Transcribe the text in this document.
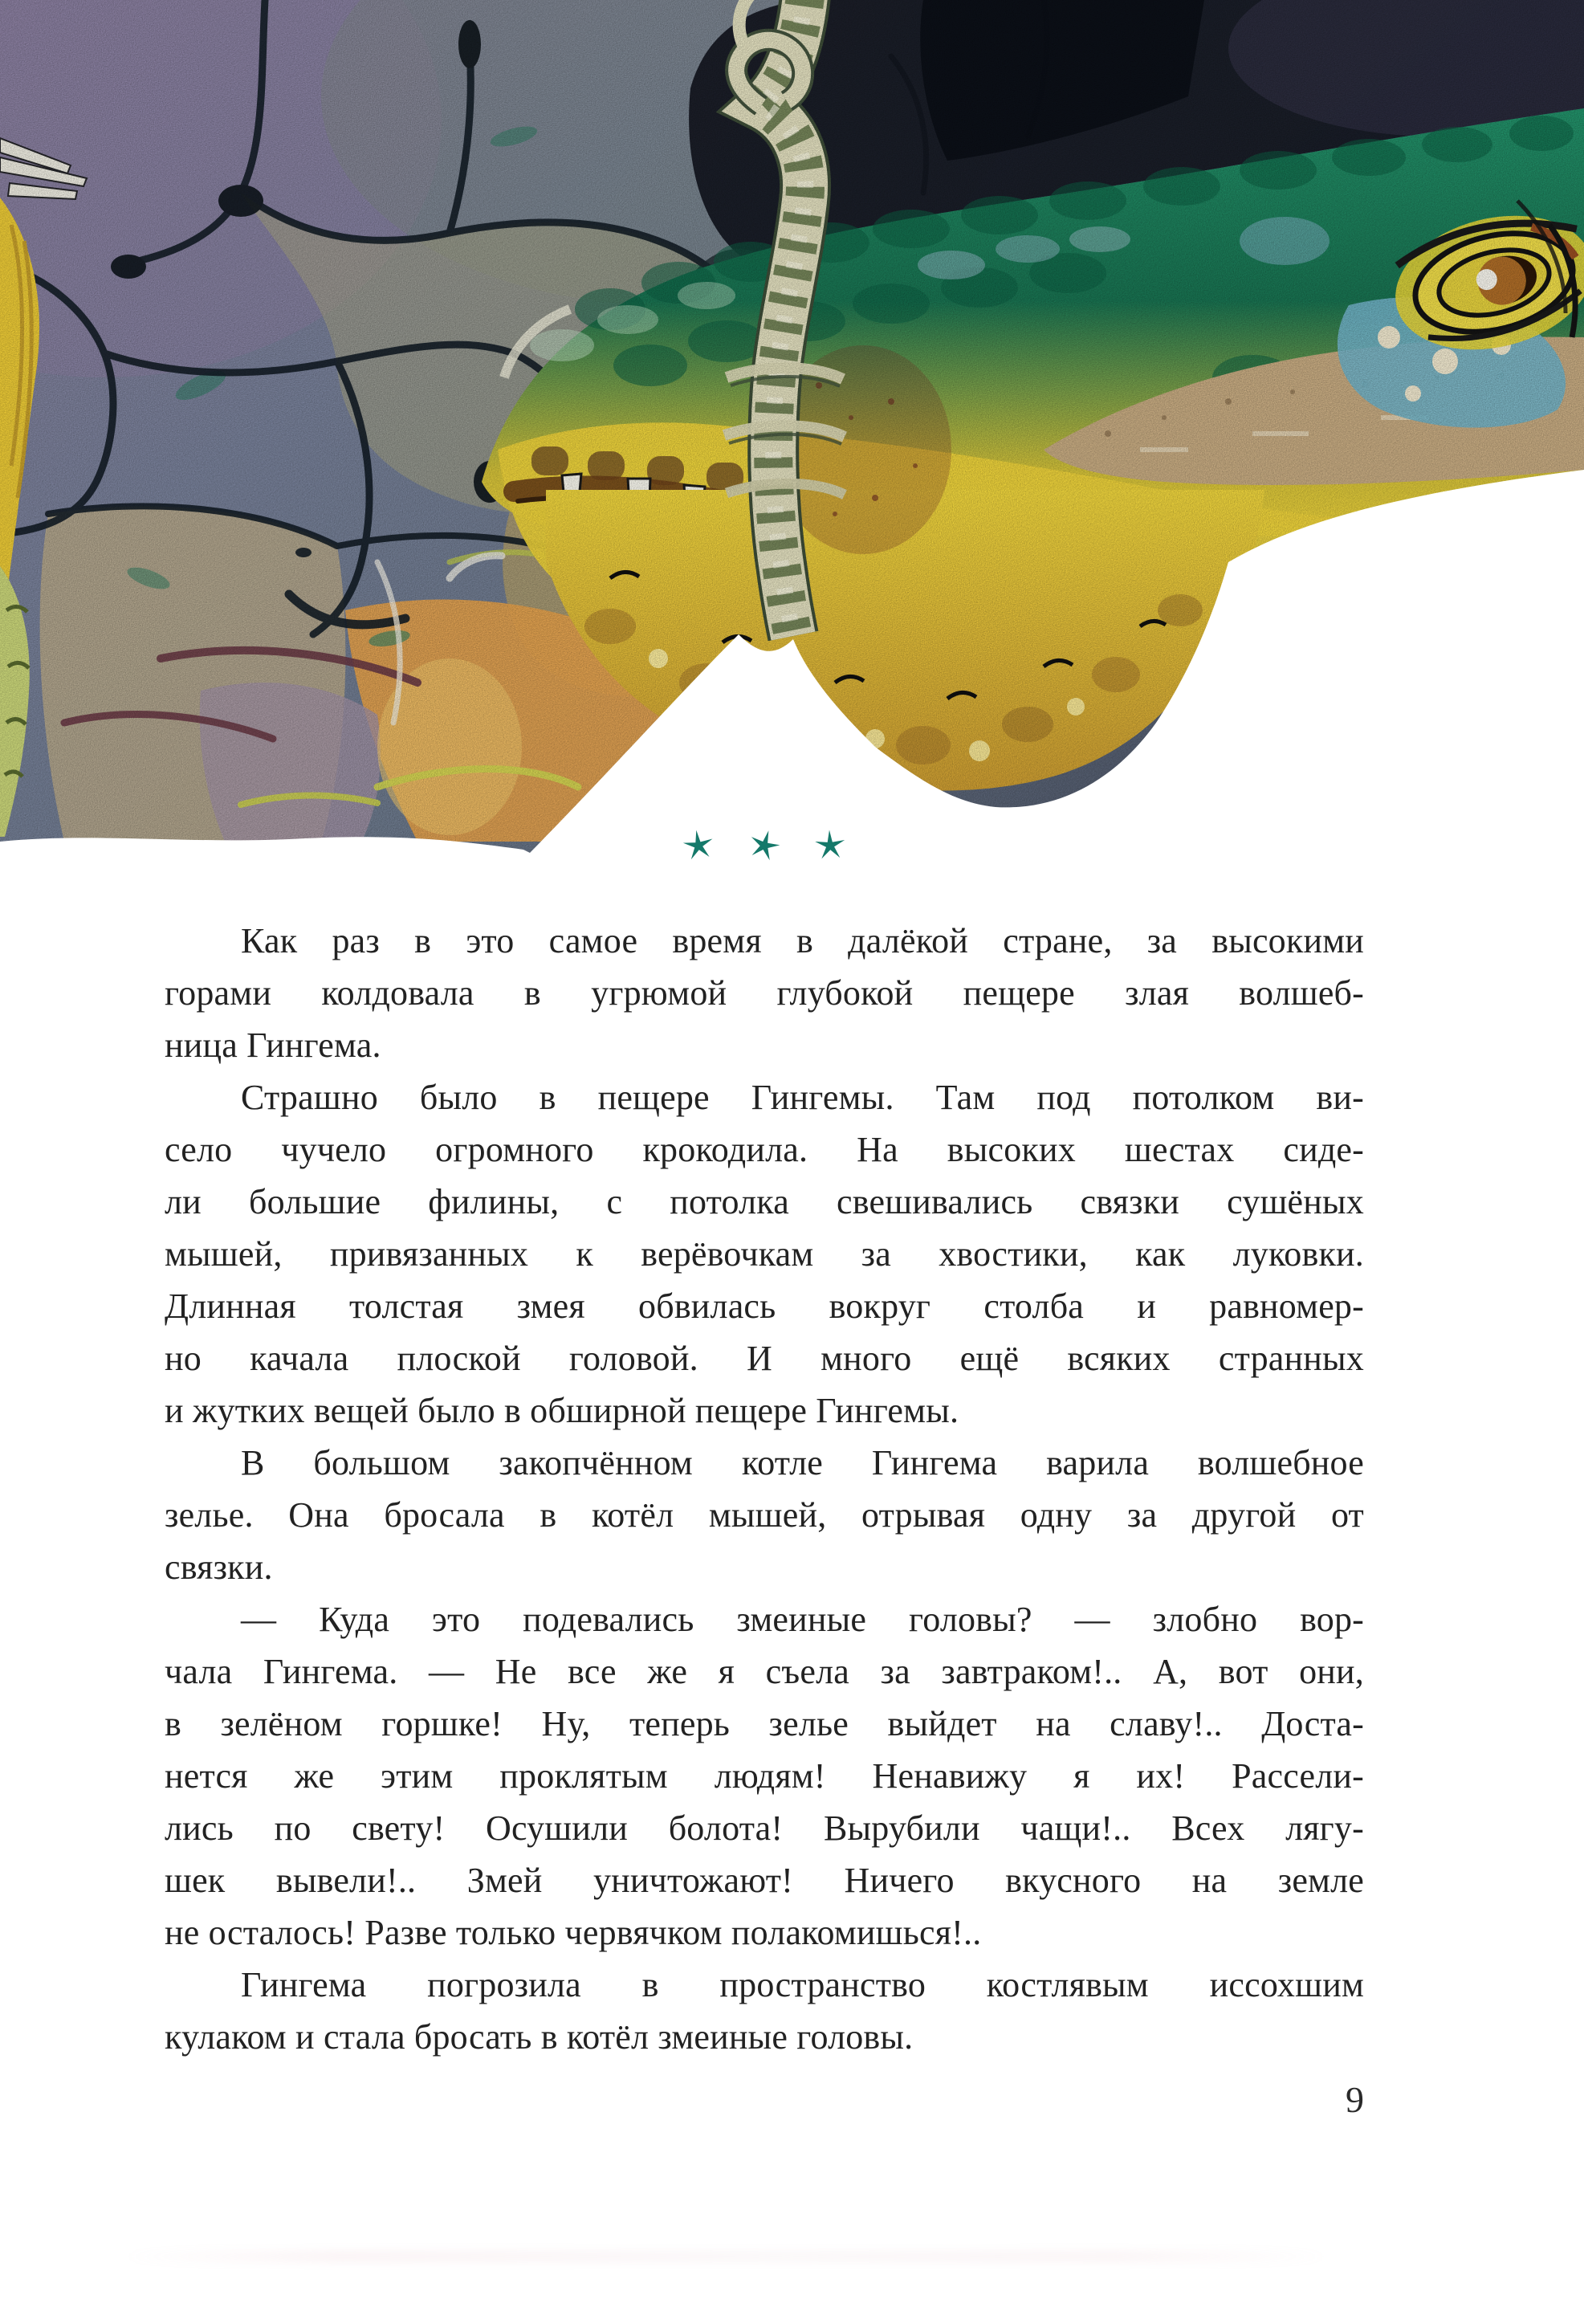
Как раз в это самое время в далёкой стране, за высокими
горами колдовала в угрюмой глубокой пещере злая волшеб-
ница Гингема.
Страшно было в пещере Гингемы. Там под потолком ви-
село чучело огромного крокодила. На высоких шестах сиде-
ли большие филины, с потолка свешивались связки сушёных
мышей, привязанных к верёвочкам за хвостики, как луковки.
Длинная толстая змея обвилась вокруг столба и равномер-
но качала плоской головой. И много ещё всяких странных
и жутких вещей было в обширной пещере Гингемы.
В большом закопчённом котле Гингема варила волшебное
зелье. Она бросала в котёл мышей, отрывая одну за другой от
связки.
— Куда это подевались змеиные головы? — злобно вор-
чала Гингема. — Не все же я съела за завтраком!.. А, вот они,
в зелёном горшке! Ну, теперь зелье выйдет на славу!.. Доста-
нется же этим проклятым людям! Ненавижу я их! Рассели-
лись по свету! Осушили болота! Вырубили чащи!.. Всех лягу-
шек вывели!.. Змей уничтожают! Ничего вкусного на земле
не осталось! Разве только червячком полакомишься!..
Гингема погрозила в пространство костлявым иссохшим
кулаком и стала бросать в котёл змеиные головы.
9
